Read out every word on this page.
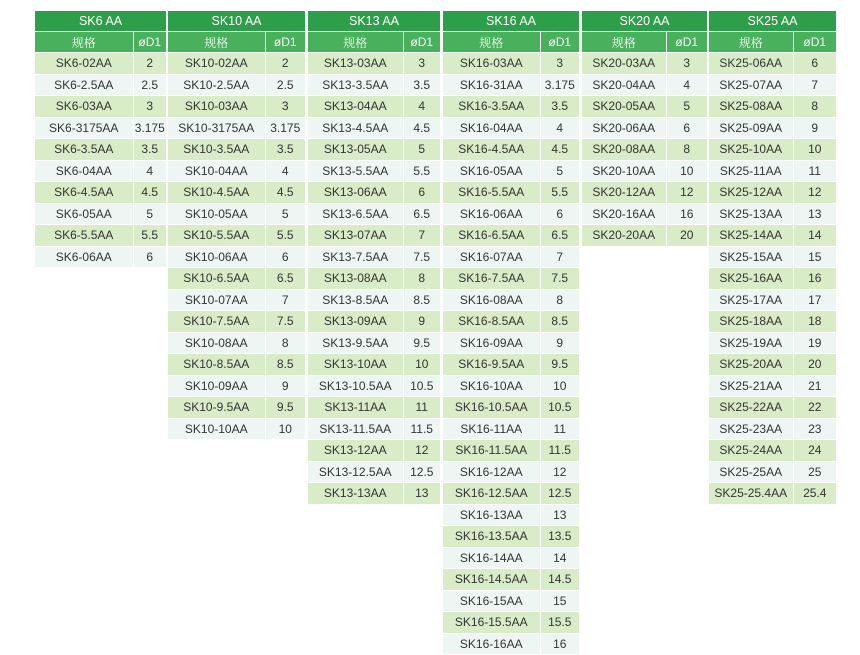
SK6 AA	
规格	øD1
SK6-02AA	2
SK6-2.5AA	2.5
SK6-03AA	3
SK6-3175AA	3.175
SK6-3.5AA	3.5
SK6-04AA	4
SK6-4.5AA	4.5
SK6-05AA	5
SK6-5.5AA	5.5
SK6-06AA	6
SK10 AA	
规格	øD1
SK10-02AA	2
SK10-2.5AA	2.5
SK10-03AA	3
SK10-3175AA	3.175
SK10-3.5AA	3.5
SK10-04AA	4
SK10-4.5AA	4.5
SK10-05AA	5
SK10-5.5AA	5.5
SK10-06AA	6
SK10-6.5AA	6.5
SK10-07AA	7
SK10-7.5AA	7.5
SK10-08AA	8
SK10-8.5AA	8.5
SK10-09AA	9
SK10-9.5AA	9.5
SK10-10AA	10
SK13 AA	
规格	øD1
SK13-03AA	3
SK13-3.5AA	3.5
SK13-04AA	4
SK13-4.5AA	4.5
SK13-05AA	5
SK13-5.5AA	5.5
SK13-06AA	6
SK13-6.5AA	6.5
SK13-07AA	7
SK13-7.5AA	7.5
SK13-08AA	8
SK13-8.5AA	8.5
SK13-09AA	9
SK13-9.5AA	9.5
SK13-10AA	10
SK13-10.5AA	10.5
SK13-11AA	11
SK13-11.5AA	11.5
SK13-12AA	12
SK13-12.5AA	12.5
SK13-13AA	13
SK16 AA	
规格	øD1
SK16-03AA	3
SK16-31AA	3.175
SK16-3.5AA	3.5
SK16-04AA	4
SK16-4.5AA	4.5
SK16-05AA	5
SK16-5.5AA	5.5
SK16-06AA	6
SK16-6.5AA	6.5
SK16-07AA	7
SK16-7.5AA	7.5
SK16-08AA	8
SK16-8.5AA	8.5
SK16-09AA	9
SK16-9.5AA	9.5
SK16-10AA	10
SK16-10.5AA	10.5
SK16-11AA	11
SK16-11.5AA	11.5
SK16-12AA	12
SK16-12.5AA	12.5
SK16-13AA	13
SK16-13.5AA	13.5
SK16-14AA	14
SK16-14.5AA	14.5
SK16-15AA	15
SK16-15.5AA	15.5
SK16-16AA	16
SK20 AA	
规格	øD1
SK20-03AA	3
SK20-04AA	4
SK20-05AA	5
SK20-06AA	6
SK20-08AA	8
SK20-10AA	10
SK20-12AA	12
SK20-16AA	16
SK20-20AA	20
SK25 AA	
规格	øD1
SK25-06AA	6
SK25-07AA	7
SK25-08AA	8
SK25-09AA	9
SK25-10AA	10
SK25-11AA	11
SK25-12AA	12
SK25-13AA	13
SK25-14AA	14
SK25-15AA	15
SK25-16AA	16
SK25-17AA	17
SK25-18AA	18
SK25-19AA	19
SK25-20AA	20
SK25-21AA	21
SK25-22AA	22
SK25-23AA	23
SK25-24AA	24
SK25-25AA	25
SK25-25.4AA	25.4
